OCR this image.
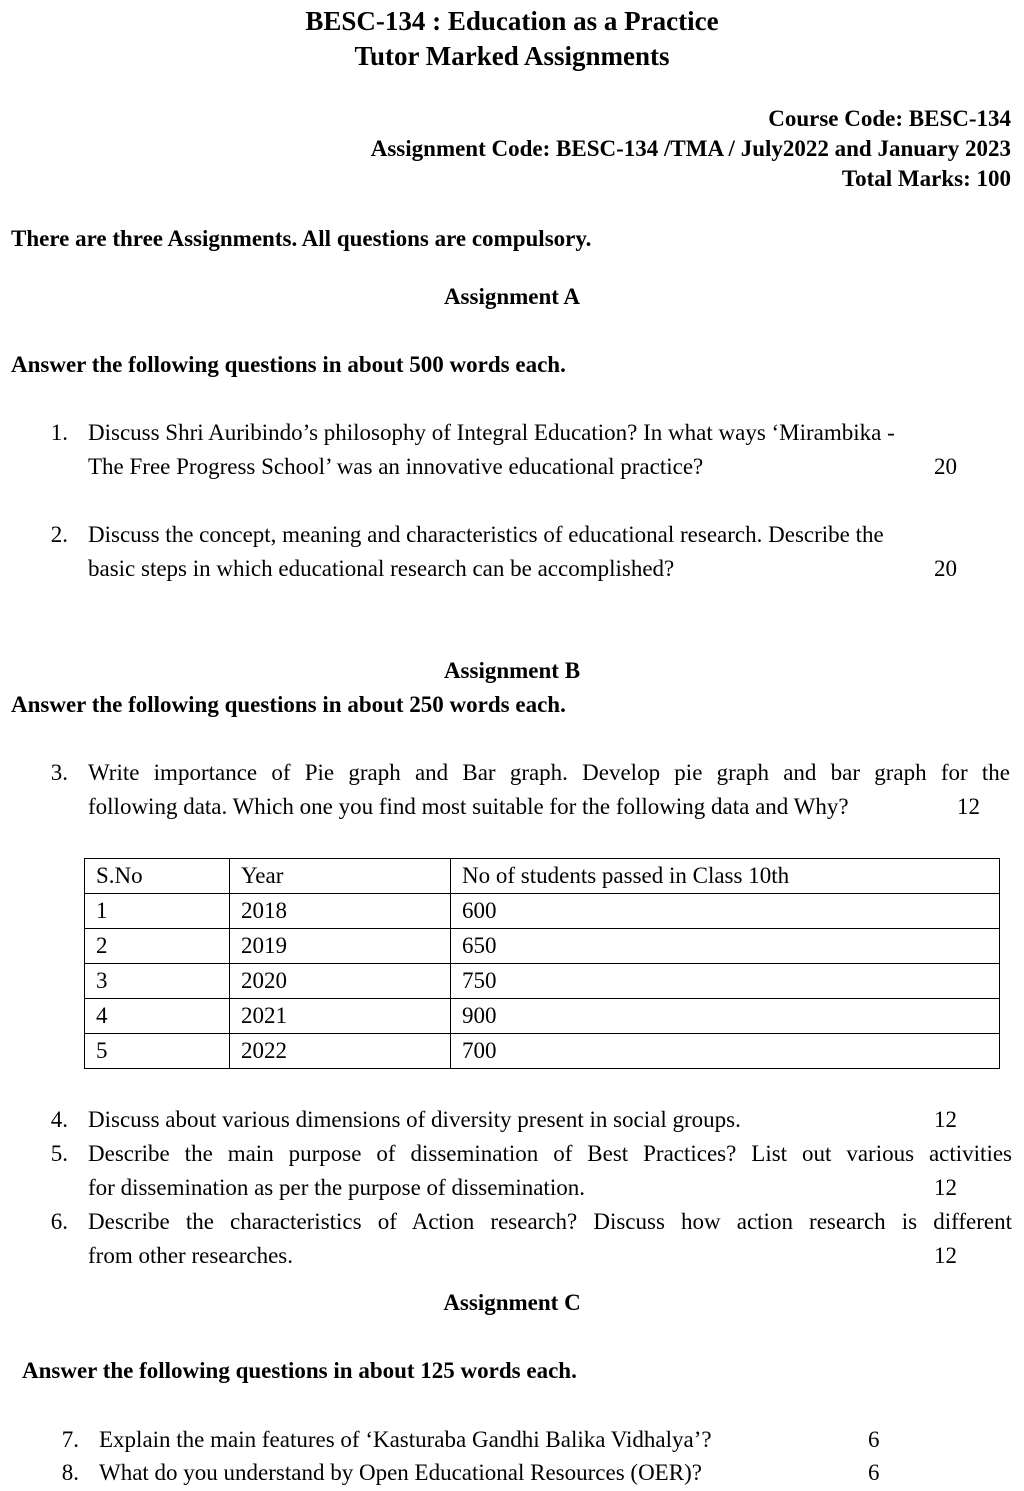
BESC-134 : Education as a Practice
Tutor Marked Assignments
Course Code: BESC-134
Assignment Code: BESC-134 /TMA / July2022 and January 2023
Total Marks: 100
There are three Assignments. All questions are compulsory.
Assignment A
Answer the following questions in about 500 words each.
1. Discuss Shri Auribindo’s philosophy of Integral Education? In what ways ‘Mirambika -
The Free Progress School’ was an innovative educational practice?	20
2. Discuss the concept, meaning and characteristics of educational research. Describe the
basic steps in which educational research can be accomplished?	20
Assignment B
Answer the following questions in about 250 words each.
3. Write importance of Pie graph and Bar graph. Develop pie graph and bar graph for the
following data. Which one you find most suitable for the following data and Why?	12
S.No	Year	No of students passed in Class 10th
1	2018	600
2	2019	650
3	2020	750
4	2021	900
5	2022	700
4. Discuss about various dimensions of diversity present in social groups.	12
5. Describe the main purpose of dissemination of Best Practices? List out various activities
for dissemination as per the purpose of dissemination.	12
6. Describe the characteristics of Action research? Discuss how action research is different
from other researches.	12
Assignment C
Answer the following questions in about 125 words each.
7. Explain the main features of ‘Kasturaba Gandhi Balika Vidhalya’?	6
8. What do you understand by Open Educational Resources (OER)?	6
